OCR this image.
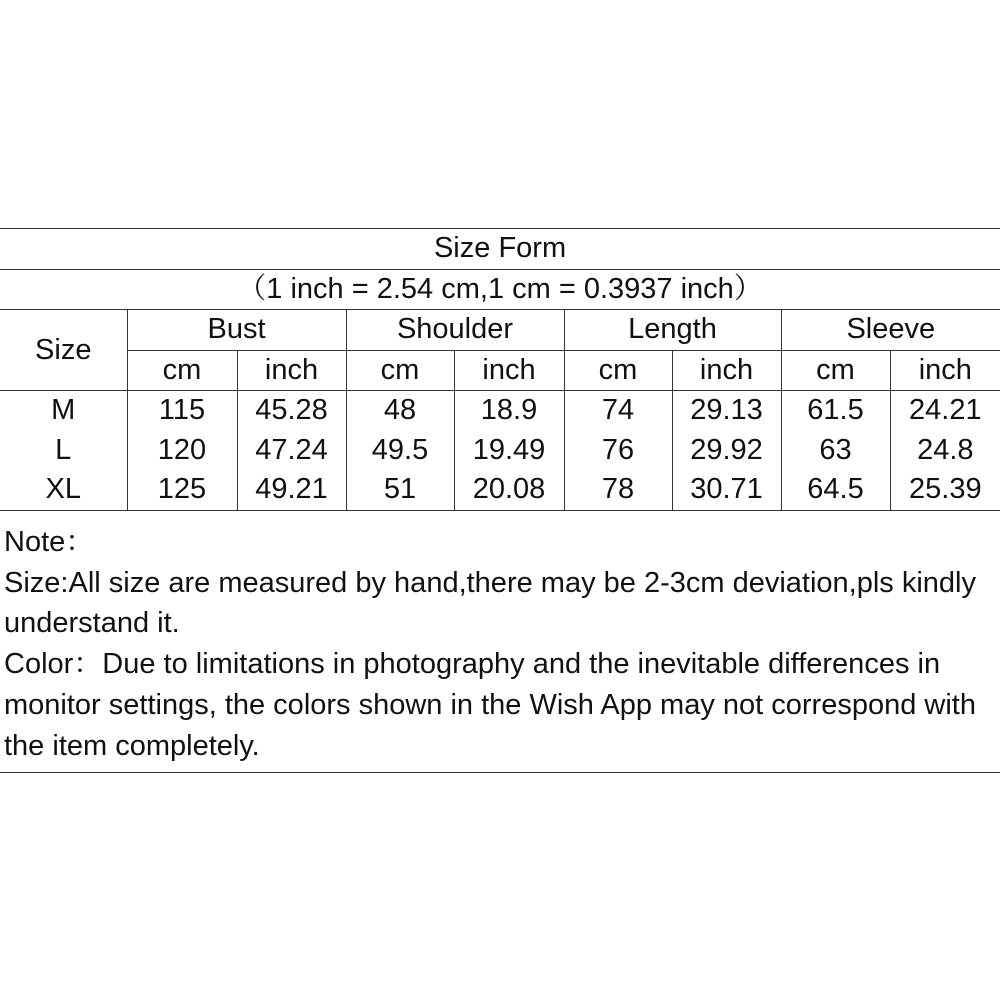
Size Form								
（1 inch = 2.54 cm,1 cm = 0.3937 inch）								
Size	Bust		Shoulder		Length		Sleeve	
	cm	inch	cm	inch	cm	inch	cm	inch
M	115	45.28	48	18.9	74	29.13	61.5	24.21
L	120	47.24	49.5	19.49	76	29.92	63	24.8
XL	125	49.21	51	20.08	78	30.71	64.5	25.39

Note：

Size:All size are measured by hand,there may be 2-3cm deviation,pls kindly understand it.

Color：Due to limitations in photography and the inevitable differences in monitor settings, the colors shown in the Wish App may not correspond with the item completely.
